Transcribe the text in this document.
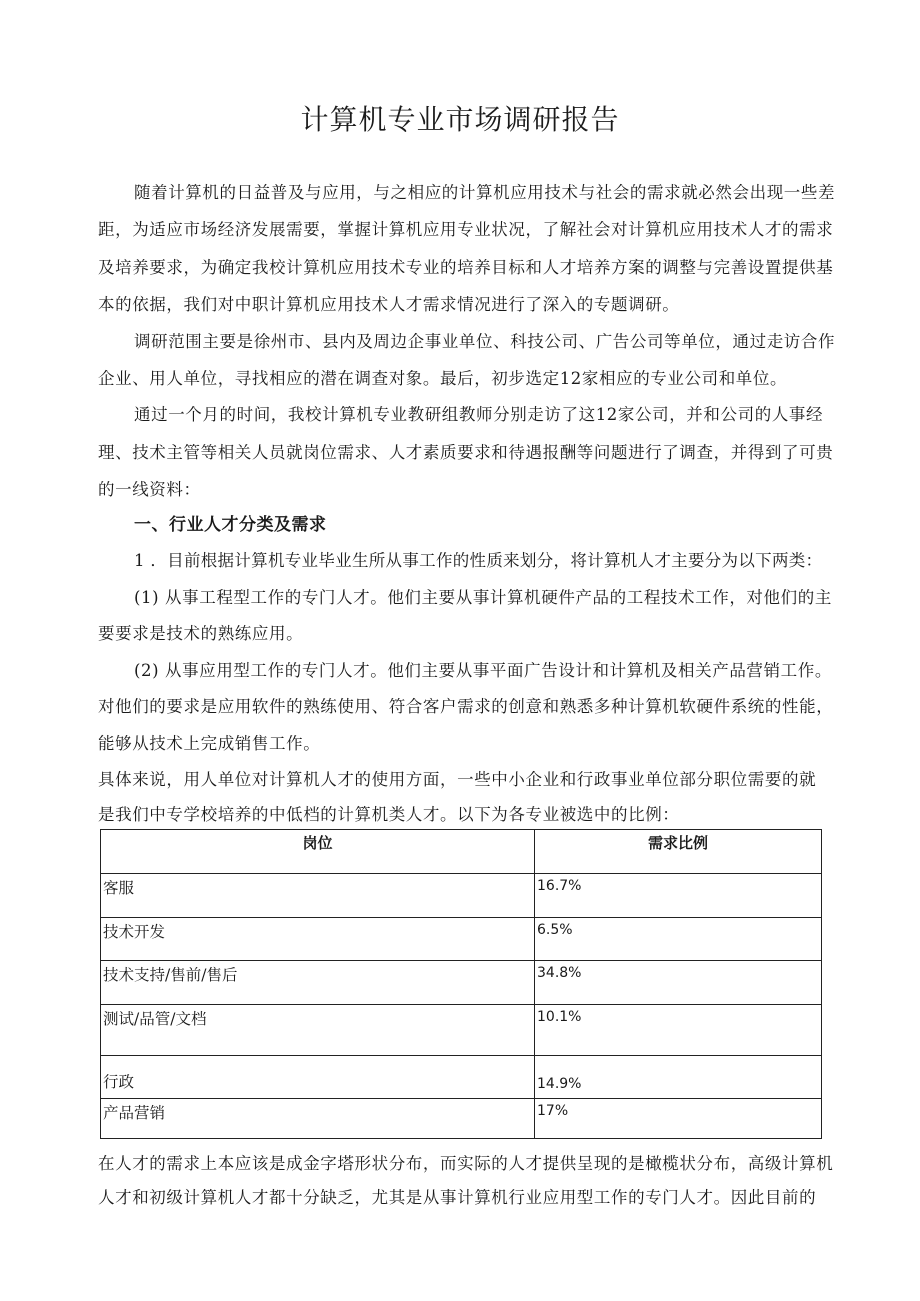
计算机专业市场调研报告
随着计算机的日益普及与应用，与之相应的计算机应用技术与社会的需求就必然会出现一些差
距，为适应市场经济发展需要，掌握计算机应用专业状况，了解社会对计算机应用技术人才的需求
及培养要求，为确定我校计算机应用技术专业的培养目标和人才培养方案的调整与完善设置提供基
本的依据，我们对中职计算机应用技术人才需求情况进行了深入的专题调研。
调研范围主要是徐州市、县内及周边企事业单位、科技公司、广告公司等单位，通过走访合作
企业、用人单位，寻找相应的潜在调查对象。最后，初步选定12家相应的专业公司和单位。
通过一个月的时间，我校计算机专业教研组教师分别走访了这12家公司，并和公司的人事经
理、技术主管等相关人员就岗位需求、人才素质要求和待遇报酬等问题进行了调查，并得到了可贵
的一线资料：
一、行业人才分类及需求
1 ．目前根据计算机专业毕业生所从事工作的性质来划分，将计算机人才主要分为以下两类：
(1) 从事工程型工作的专门人才。他们主要从事计算机硬件产品的工程技术工作，对他们的主
要要求是技术的熟练应用。
(2) 从事应用型工作的专门人才。他们主要从事平面广告设计和计算机及相关产品营销工作。
对他们的要求是应用软件的熟练使用、符合客户需求的创意和熟悉多种计算机软硬件系统的性能，
能够从技术上完成销售工作。
具体来说，用人单位对计算机人才的使用方面，一些中小企业和行政事业单位部分职位需要的就
是我们中专学校培养的中低档的计算机类人才。以下为各专业被选中的比例：
岗位	需求比例
客服	16.7%
技术开发	6.5%
技术支持/售前/售后	34.8%
测试/品管/文档	10.1%
行政	14.9%
产品营销	17%
在人才的需求上本应该是成金字塔形状分布，而实际的人才提供呈现的是橄榄状分布，高级计算机
人才和初级计算机人才都十分缺乏，尤其是从事计算机行业应用型工作的专门人才。因此目前的
